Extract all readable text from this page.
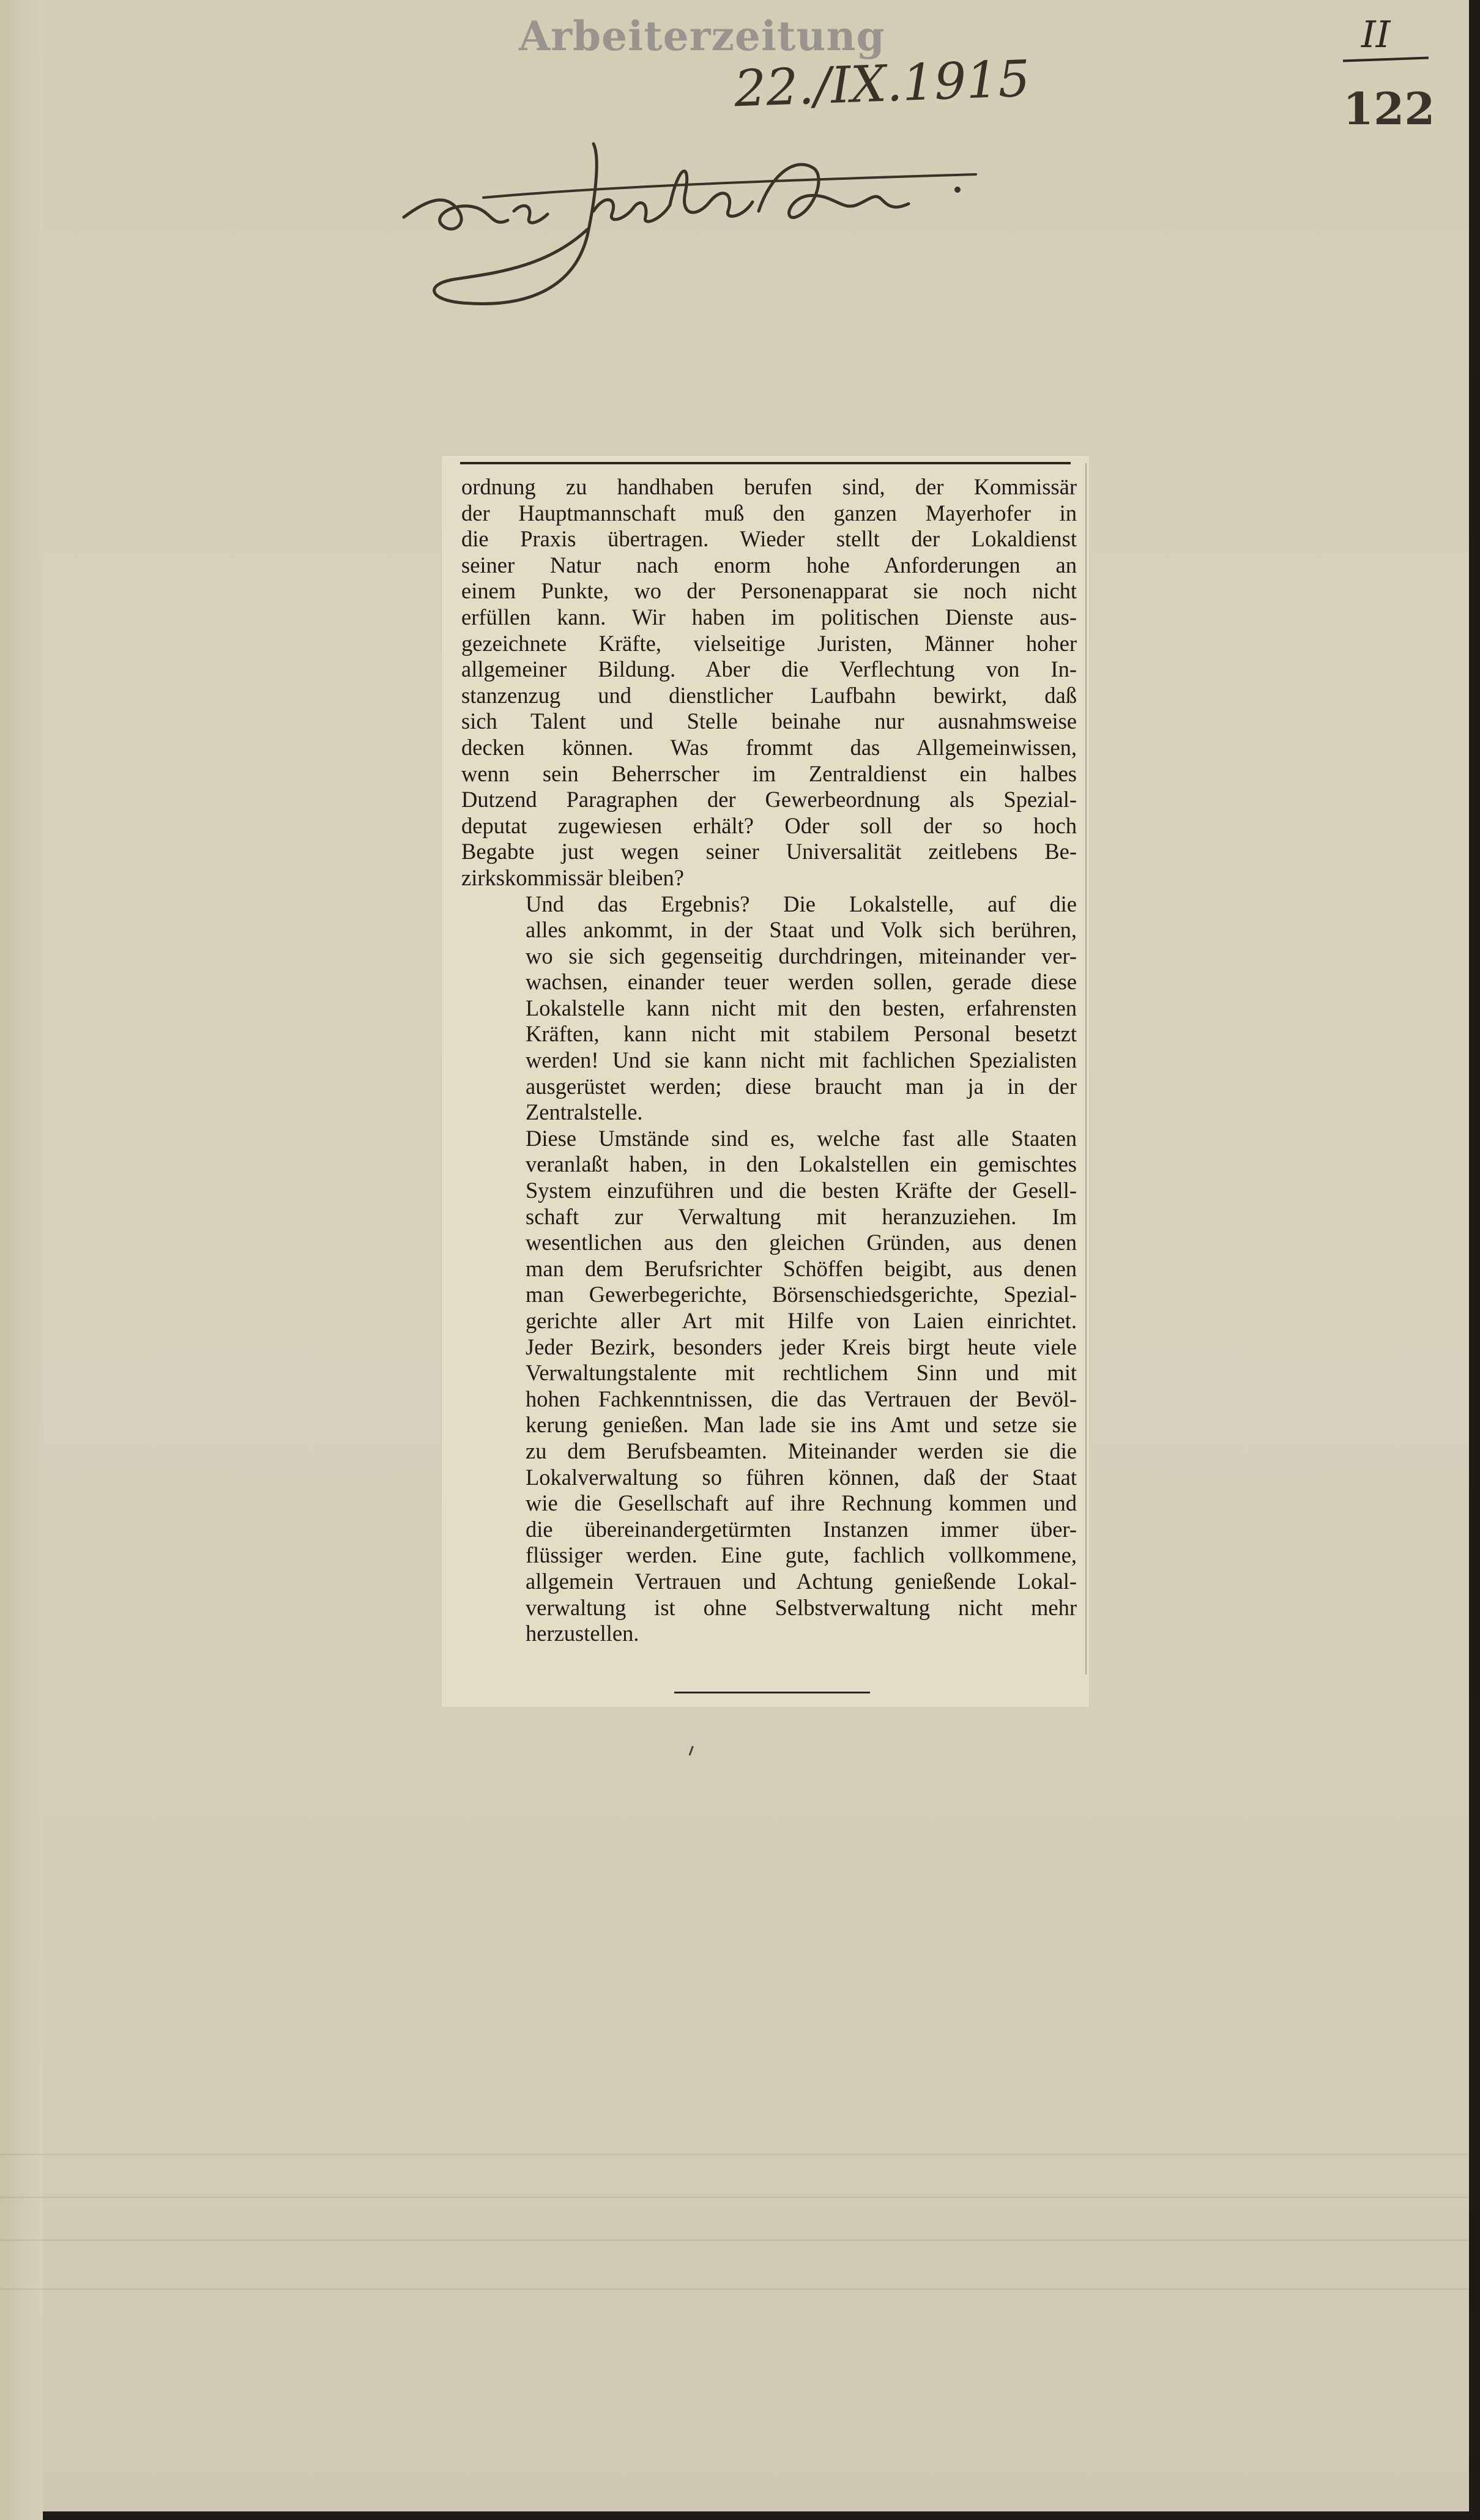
Arbeiterzeitung
22./IX.1915
II
122

ordnung zu handhaben berufen sind, der Kommissär
der Hauptmannschaft muß den ganzen Mayerhofer in
die Praxis übertragen. Wieder stellt der Lokaldienst
seiner Natur nach enorm hohe Anforderungen an
einem Punkte, wo der Personenapparat sie noch nicht
erfüllen kann. Wir haben im politischen Dienste aus-
gezeichnete Kräfte, vielseitige Juristen, Männer hoher
allgemeiner Bildung. Aber die Verflechtung von In-
stanzenzug und dienstlicher Laufbahn bewirkt, daß
sich Talent und Stelle beinahe nur ausnahmsweise
decken können. Was frommt das Allgemeinwissen,
wenn sein Beherrscher im Zentraldienst ein halbes
Dutzend Paragraphen der Gewerbeordnung als Spezial-
deputat zugewiesen erhält? Oder soll der so hoch
Begabte just wegen seiner Universalität zeitlebens Be-
zirkskommissär bleiben?

Und das Ergebnis? Die Lokalstelle, auf die
alles ankommt, in der Staat und Volk sich berühren,
wo sie sich gegenseitig durchdringen, miteinander ver-
wachsen, einander teuer werden sollen, gerade diese
Lokalstelle kann nicht mit den besten, erfahrensten
Kräften, kann nicht mit stabilem Personal besetzt
werden! Und sie kann nicht mit fachlichen Spezialisten
ausgerüstet werden; diese braucht man ja in der
Zentralstelle.

Diese Umstände sind es, welche fast alle Staaten
veranlaßt haben, in den Lokalstellen ein gemischtes
System einzuführen und die besten Kräfte der Gesell-
schaft zur Verwaltung mit heranzuziehen. Im
wesentlichen aus den gleichen Gründen, aus denen
man dem Berufsrichter Schöffen beigibt, aus denen
man Gewerbegerichte, Börsenschiedsgerichte, Spezial-
gerichte aller Art mit Hilfe von Laien einrichtet.
Jeder Bezirk, besonders jeder Kreis birgt heute viele
Verwaltungstalente mit rechtlichem Sinn und mit
hohen Fachkenntnissen, die das Vertrauen der Bevöl-
kerung genießen. Man lade sie ins Amt und setze sie
zu dem Berufsbeamten. Miteinander werden sie die
Lokalverwaltung so führen können, daß der Staat
wie die Gesellschaft auf ihre Rechnung kommen und
die übereinandergetürmten Instanzen immer über-
flüssiger werden. Eine gute, fachlich vollkommene,
allgemein Vertrauen und Achtung genießende Lokal-
verwaltung ist ohne Selbstverwaltung nicht mehr
herzustellen.
